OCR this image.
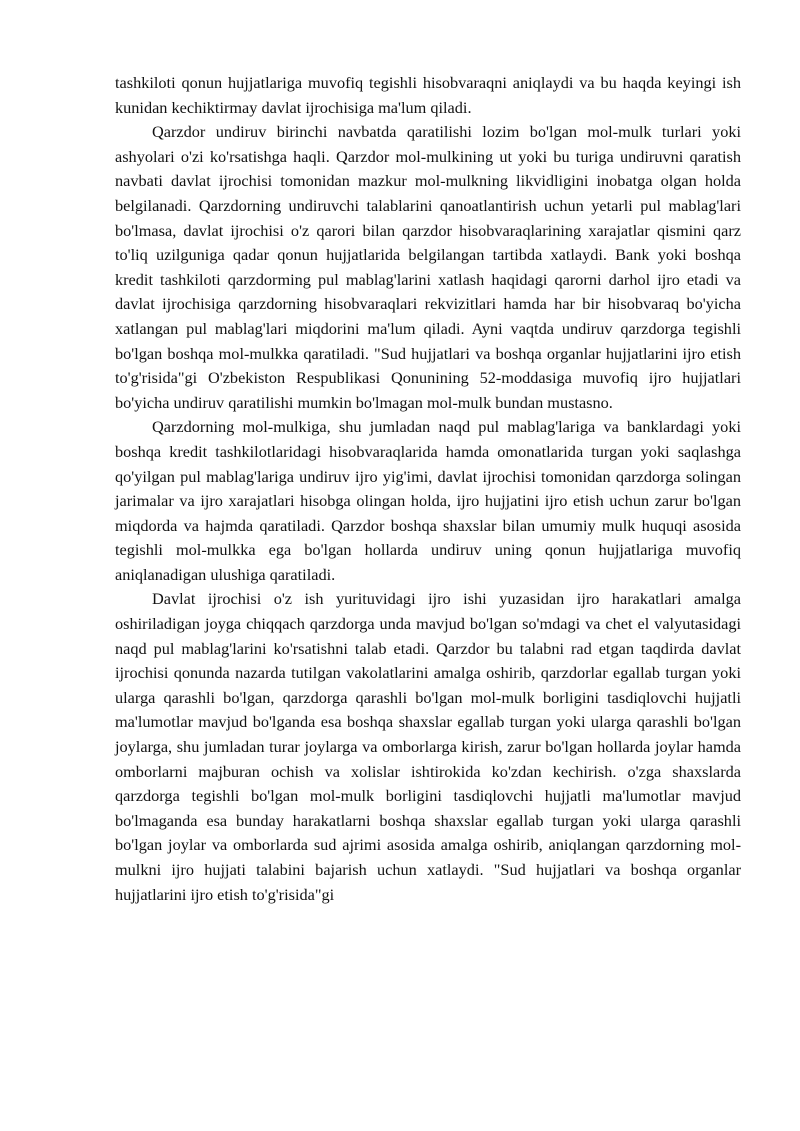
tashkiloti qonun hujjatlariga muvofiq tegishli hisobvaraqni aniqlaydi va bu haqda keyingi ish kunidan kechiktirmay davlat ijrochisiga ma'lum qiladi.

Qarzdor undiruv birinchi navbatda qaratilishi lozim bo'lgan mol-mulk turlari yoki ashyolari o'zi ko'rsatishga haqli. Qarzdor mol-mulkining ut yoki bu turiga undiruvni qaratish navbati davlat ijrochisi tomonidan mazkur mol-mulkning likvidligini inobatga olgan holda belgilanadi. Qarzdorning undiruvchi talablarini qanoatlantirish uchun yetarli pul mablag'lari bo'lmasa, davlat ijrochisi o'z qarori bilan qarzdor hisobvaraqlarining xarajatlar qismini qarz to'liq uzilguniga qadar qonun hujjatlarida belgilangan tartibda xatlaydi. Bank yoki boshqa kredit tashkiloti qarzdorming pul mablag'larini xatlash haqidagi qarorni darhol ijro etadi va davlat ijrochisiga qarzdorning hisobvaraqlari rekvizitlari hamda har bir hisobvaraq bo'yicha xatlangan pul mablag'lari miqdorini ma'lum qiladi. Ayni vaqtda undiruv qarzdorga tegishli bo'lgan boshqa mol-mulkka qaratiladi. "Sud hujjatlari va boshqa organlar hujjatlarini ijro etish to'g'risida"gi O'zbekiston Respublikasi Qonunining 52-moddasiga muvofiq ijro hujjatlari bo'yicha undiruv qaratilishi mumkin bo'lmagan mol-mulk bundan mustasno.

Qarzdorning mol-mulkiga, shu jumladan naqd pul mablag'lariga va banklardagi yoki boshqa kredit tashkilotlaridagi hisobvaraqlarida hamda omonatlarida turgan yoki saqlashga qo'yilgan pul mablag'lariga undiruv ijro yig'imi, davlat ijrochisi tomonidan qarzdorga solingan jarimalar va ijro xarajatlari hisobga olingan holda, ijro hujjatini ijro etish uchun zarur bo'lgan miqdorda va hajmda qaratiladi. Qarzdor boshqa shaxslar bilan umumiy mulk huquqi asosida tegishli mol-mulkka ega bo'lgan hollarda undiruv uning qonun hujjatlariga muvofiq aniqlanadigan ulushiga qaratiladi.

Davlat ijrochisi o'z ish yurituvidagi ijro ishi yuzasidan ijro harakatlari amalga oshiriladigan joyga chiqqach qarzdorga unda mavjud bo'lgan so'mdagi va chet el valyutasidagi naqd pul mablag'larini ko'rsatishni talab etadi. Qarzdor bu talabni rad etgan taqdirda davlat ijrochisi qonunda nazarda tutilgan vakolatlarini amalga oshirib, qarzdorlar egallab turgan yoki ularga qarashli bo'lgan, qarzdorga qarashli bo'lgan mol-mulk borligini tasdiqlovchi hujjatli ma'lumotlar mavjud bo'lganda esa boshqa shaxslar egallab turgan yoki ularga qarashli bo'lgan joylarga, shu jumladan turar joylarga va omborlarga kirish, zarur bo'lgan hollarda joylar hamda omborlarni majburan ochish va xolislar ishtirokida ko'zdan kechirish. o'zga shaxslarda qarzdorga tegishli bo'lgan mol-mulk borligini tasdiqlovchi hujjatli ma'lumotlar mavjud bo'lmaganda esa bunday harakatlarni boshqa shaxslar egallab turgan yoki ularga qarashli bo'lgan joylar va omborlarda sud ajrimi asosida amalga oshirib, aniqlangan qarzdorning mol-mulkni ijro hujjati talabini bajarish uchun xatlaydi. "Sud hujjatlari va boshqa organlar hujjatlarini ijro etish to'g'risida"gi
